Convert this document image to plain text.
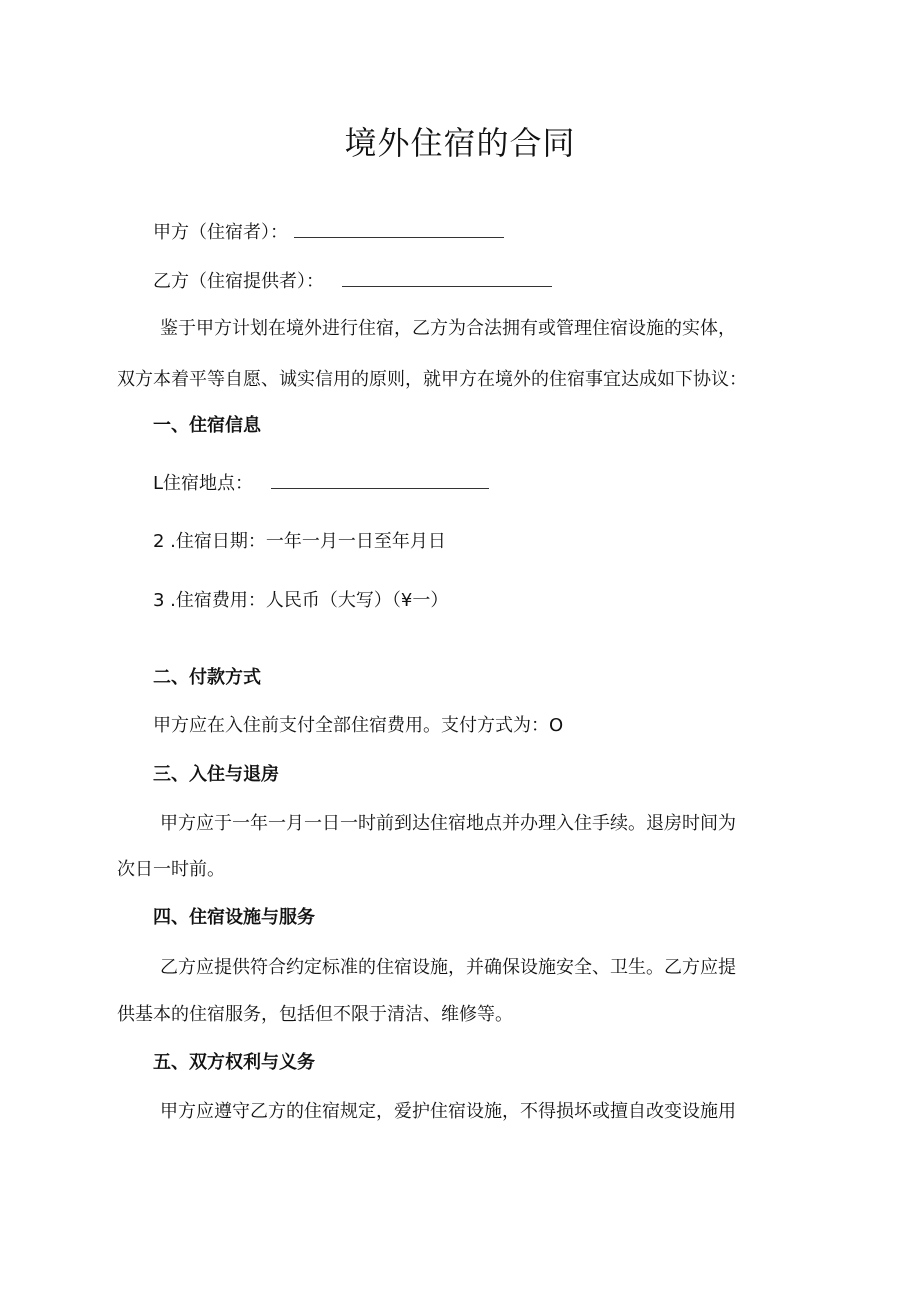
境外住宿的合同
甲方（住宿者）：
乙方（住宿提供者）：
鉴于甲方计划在境外进行住宿，乙方为合法拥有或管理住宿设施的实体，
双方本着平等自愿、诚实信用的原则，就甲方在境外的住宿事宜达成如下协议：
一、住宿信息
L住宿地点：
2 .住宿日期：一年一月一日至年月日
3 .住宿费用：人民币（大写）（¥一）
二、付款方式
甲方应在入住前支付全部住宿费用。支付方式为：O
三、入住与退房
甲方应于一年一月一日一时前到达住宿地点并办理入住手续。退房时间为
次日一时前。
四、住宿设施与服务
乙方应提供符合约定标准的住宿设施，并确保设施安全、卫生。乙方应提
供基本的住宿服务，包括但不限于清洁、维修等。
五、双方权利与义务
甲方应遵守乙方的住宿规定，爱护住宿设施，不得损坏或擅自改变设施用
